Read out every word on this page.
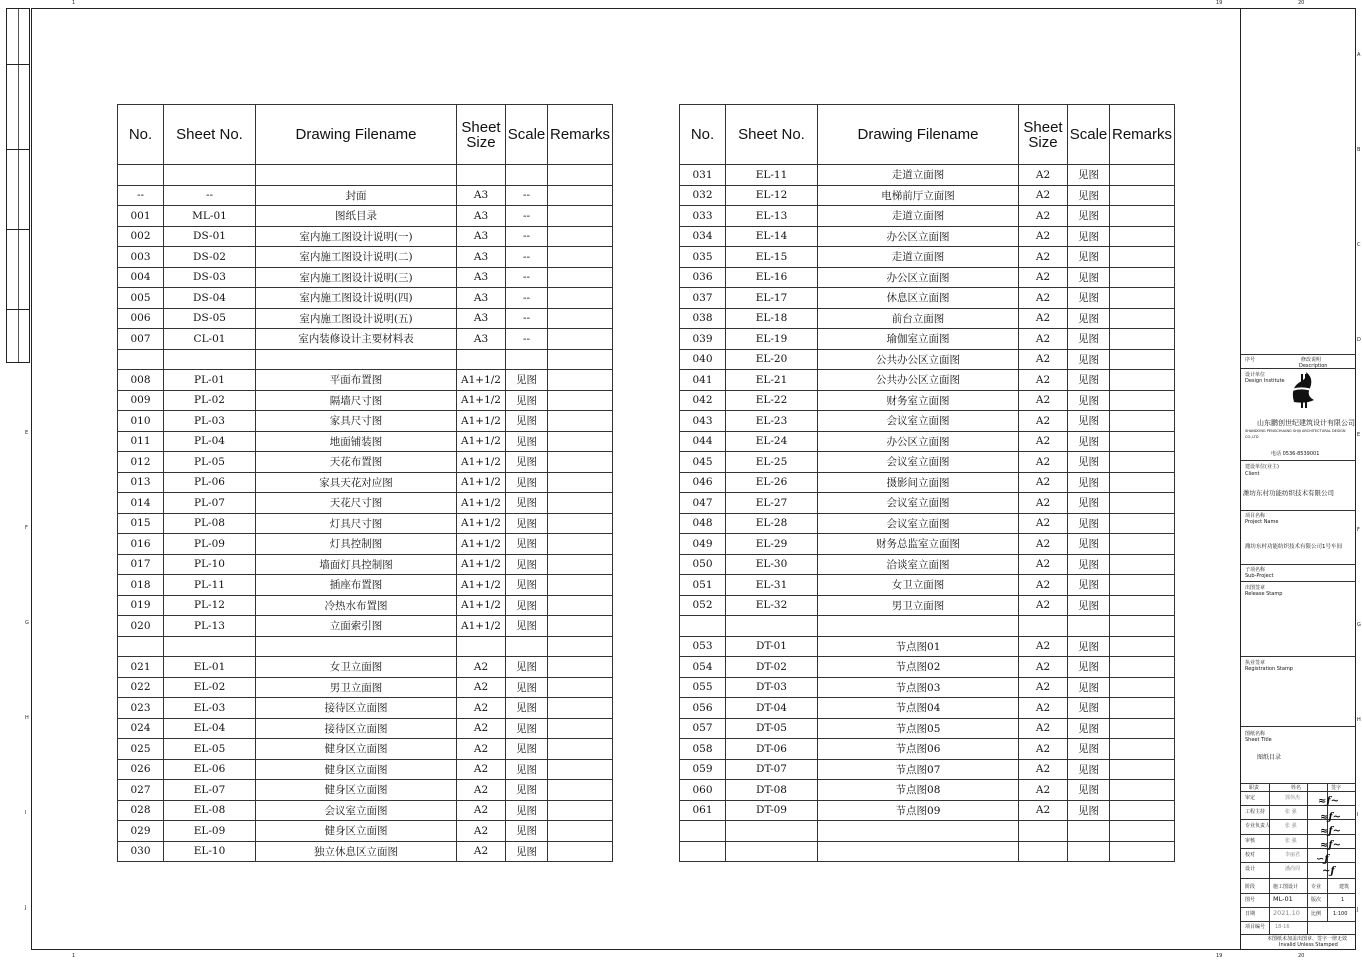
1
1
19
19
20
20
A
B
C
D
E
F
G
H
I
J
E
F
G
H
I
J
No.	Sheet No.	Drawing Filename	Sheet Size	Scale	Remarks

--	--	封面	A3	--	
001	ML-01	图纸目录	A3	--	
002	DS-01	室内施工图设计说明(一)	A3	--	
003	DS-02	室内施工图设计说明(二)	A3	--	
004	DS-03	室内施工图设计说明(三)	A3	--	
005	DS-04	室内施工图设计说明(四)	A3	--	
006	DS-05	室内施工图设计说明(五)	A3	--	
007	CL-01	室内装修设计主要材料表	A3	--	

008	PL-01	平面布置图	A1+1/2	见图	
009	PL-02	隔墙尺寸图	A1+1/2	见图	
010	PL-03	家具尺寸图	A1+1/2	见图	
011	PL-04	地面铺装图	A1+1/2	见图	
012	PL-05	天花布置图	A1+1/2	见图	
013	PL-06	家具天花对应图	A1+1/2	见图	
014	PL-07	天花尺寸图	A1+1/2	见图	
015	PL-08	灯具尺寸图	A1+1/2	见图	
016	PL-09	灯具控制图	A1+1/2	见图	
017	PL-10	墙面灯具控制图	A1+1/2	见图	
018	PL-11	插座布置图	A1+1/2	见图	
019	PL-12	冷热水布置图	A1+1/2	见图	
020	PL-13	立面索引图	A1+1/2	见图	

021	EL-01	女卫立面图	A2	见图	
022	EL-02	男卫立面图	A2	见图	
023	EL-03	接待区立面图	A2	见图	
024	EL-04	接待区立面图	A2	见图	
025	EL-05	健身区立面图	A2	见图	
026	EL-06	健身区立面图	A2	见图	
027	EL-07	健身区立面图	A2	见图	
028	EL-08	会议室立面图	A2	见图	
029	EL-09	健身区立面图	A2	见图	
030	EL-10	独立休息区立面图	A2	见图	
No.	Sheet No.	Drawing Filename	Sheet Size	Scale	Remarks
031	EL-11	走道立面图	A2	见图	
032	EL-12	电梯前厅立面图	A2	见图	
033	EL-13	走道立面图	A2	见图	
034	EL-14	办公区立面图	A2	见图	
035	EL-15	走道立面图	A2	见图	
036	EL-16	办公区立面图	A2	见图	
037	EL-17	休息区立面图	A2	见图	
038	EL-18	前台立面图	A2	见图	
039	EL-19	瑜伽室立面图	A2	见图	
040	EL-20	公共办公区立面图	A2	见图	
041	EL-21	公共办公区立面图	A2	见图	
042	EL-22	财务室立面图	A2	见图	
043	EL-23	会议室立面图	A2	见图	
044	EL-24	办公区立面图	A2	见图	
045	EL-25	会议室立面图	A2	见图	
046	EL-26	摄影间立面图	A2	见图	
047	EL-27	会议室立面图	A2	见图	
048	EL-28	会议室立面图	A2	见图	
049	EL-29	财务总监室立面图	A2	见图	
050	EL-30	洽谈室立面图	A2	见图	
051	EL-31	女卫立面图	A2	见图	
052	EL-32	男卫立面图	A2	见图	

053	DT-01	节点图01	A2	见图	
054	DT-02	节点图02	A2	见图	
055	DT-03	节点图03	A2	见图	
056	DT-04	节点图04	A2	见图	
057	DT-05	节点图05	A2	见图	
058	DT-06	节点图06	A2	见图	
059	DT-07	节点图07	A2	见图	
060	DT-08	节点图08	A2	见图	
061	DT-09	节点图09	A2	见图	

序号	修改说明
Description
设计单位
Design Institute
山东鹏创世纪建筑设计有限公司
SHANDONG PENGCHUANG SHIJI ARCHITECTURAL DESIGN CO.,LTD
电话 0536-8539001
建设单位(业主)
Client
潍坊东村功能纺织技术有限公司
项目名称
Project Name
潍坊东村功能纺织技术有限公司1号车间
子项名称
Sub-Project
出图签章
Release Stamp
执业签章
Registration Stamp
图纸名称
Sheet Title
图纸目录
职责	姓名	签字
审定	郭伟杰
工程主持	张 强
专业负责人	张 强
审核	张 强
校对	李丽君
设计	潘尚周
阶段	施工图设计	专业	建筑
图号	ML-01	版次	1
日期	2021.10 比例 1:100
项目编号 18-16
本图纸未加盖出图章、签字一律无效
Invalid Unless Stamped
≈ƒ~
≈ƒ~
≈ƒ~
≈ƒ~
∽ƒ
~ƒ
